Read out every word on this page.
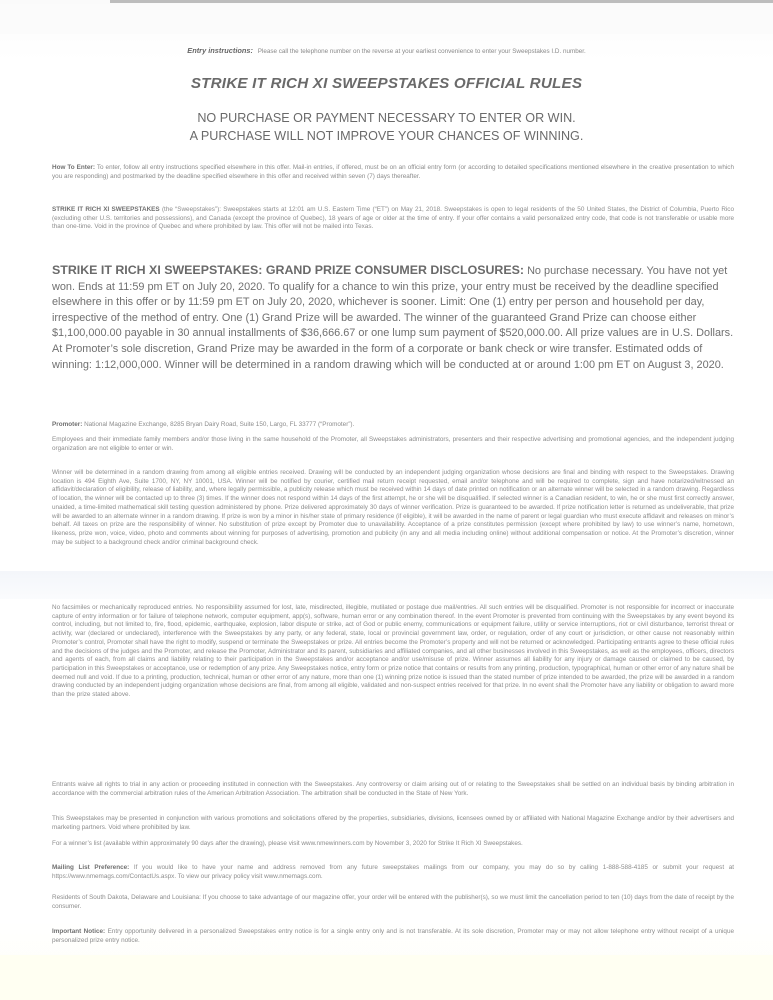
Entry instructions: Please call the telephone number on the reverse at your earliest convenience to enter your Sweepstakes I.D. number.
STRIKE IT RICH XI SWEEPSTAKES OFFICIAL RULES
NO PURCHASE OR PAYMENT NECESSARY TO ENTER OR WIN.
A PURCHASE WILL NOT IMPROVE YOUR CHANCES OF WINNING.
How To Enter: To enter, follow all entry instructions specified elsewhere in this offer. Mail-in entries, if offered, must be on an official entry form (or according to detailed specifications mentioned elsewhere in the creative presentation to which you are responding) and postmarked by the deadline specified elsewhere in this offer and received within seven (7) days thereafter.
STRIKE IT RICH XI SWEEPSTAKES (the “Sweepstakes”): Sweepstakes starts at 12:01 am U.S. Eastern Time (“ET”) on May 21, 2018. Sweepstakes is open to legal residents of the 50 United States, the District of Columbia, Puerto Rico (excluding other U.S. territories and possessions), and Canada (except the province of Quebec), 18 years of age or older at the time of entry. If your offer contains a valid personalized entry code, that code is not transferable or usable more than one-time. Void in the province of Quebec and where prohibited by law. This offer will not be mailed into Texas.
STRIKE IT RICH XI SWEEPSTAKES: GRAND PRIZE CONSUMER DISCLOSURES: No purchase necessary. You have not yet won. Ends at 11:59 pm ET on July 20, 2020. To qualify for a chance to win this prize, your entry must be received by the deadline specified elsewhere in this offer or by 11:59 pm ET on July 20, 2020, whichever is sooner. Limit: One (1) entry per person and household per day, irrespective of the method of entry. One (1) Grand Prize will be awarded. The winner of the guaranteed Grand Prize can choose either $1,100,000.00 payable in 30 annual installments of $36,666.67 or one lump sum payment of $520,000.00. All prize values are in U.S. Dollars. At Promoter’s sole discretion, Grand Prize may be awarded in the form of a corporate or bank check or wire transfer. Estimated odds of winning: 1:12,000,000. Winner will be determined in a random drawing which will be conducted at or around 1:00 pm ET on August 3, 2020.
Promoter: National Magazine Exchange, 8285 Bryan Dairy Road, Suite 150, Largo, FL 33777 (“Promoter”).
Employees and their immediate family members and/or those living in the same household of the Promoter, all Sweepstakes administrators, presenters and their respective advertising and promotional agencies, and the independent judging organization are not eligible to enter or win.
Winner will be determined in a random drawing from among all eligible entries received. Drawing will be conducted by an independent judging organization whose decisions are final and binding with respect to the Sweepstakes. Drawing location is 494 Eighth Ave, Suite 1700, NY, NY 10001, USA. Winner will be notified by courier, certified mail return receipt requested, email and/or telephone and will be required to complete, sign and have notarized/witnessed an affidavit/declaration of eligibility, release of liability, and, where legally permissible, a publicity release which must be received within 14 days of date printed on notification or an alternate winner will be selected in a random drawing. Regardless of location, the winner will be contacted up to three (3) times. If the winner does not respond within 14 days of the first attempt, he or she will be disqualified. If selected winner is a Canadian resident, to win, he or she must first correctly answer, unaided, a time-limited mathematical skill testing question administered by phone. Prize delivered approximately 30 days of winner verification. Prize is guaranteed to be awarded. If prize notification letter is returned as undeliverable, that prize will be awarded to an alternate winner in a random drawing. If prize is won by a minor in his/her state of primary residence (if eligible), it will be awarded in the name of parent or legal guardian who must execute affidavit and releases on minor’s behalf. All taxes on prize are the responsibility of winner. No substitution of prize except by Promoter due to unavailability. Acceptance of a prize constitutes permission (except where prohibited by law) to use winner’s name, hometown, likeness, prize won, voice, video, photo and comments about winning for purposes of advertising, promotion and publicity (in any and all media including online) without additional compensation or notice. At the Promoter’s discretion, winner may be subject to a background check and/or criminal background check.
No facsimiles or mechanically reproduced entries. No responsibility assumed for lost, late, misdirected, illegible, mutilated or postage due mail/entries. All such entries will be disqualified. Promoter is not responsible for incorrect or inaccurate capture of entry information or for failure of telephone network, computer equipment, app(s), software, human error or any combination thereof. In the event Promoter is prevented from continuing with the Sweepstakes by any event beyond its control, including, but not limited to, fire, flood, epidemic, earthquake, explosion, labor dispute or strike, act of God or public enemy, communications or equipment failure, utility or service interruptions, riot or civil disturbance, terrorist threat or activity, war (declared or undeclared), interference with the Sweepstakes by any party, or any federal, state, local or provincial government law, order, or regulation, order of any court or jurisdiction, or other cause not reasonably within Promoter’s control, Promoter shall have the right to modify, suspend or terminate the Sweepstakes or prize. All entries become the Promoter’s property and will not be returned or acknowledged. Participating entrants agree to these official rules and the decisions of the judges and the Promoter, and release the Promoter, Administrator and its parent, subsidiaries and affiliated companies, and all other businesses involved in this Sweepstakes, as well as the employees, officers, directors and agents of each, from all claims and liability relating to their participation in the Sweepstakes and/or acceptance and/or use/misuse of prize. Winner assumes all liability for any injury or damage caused or claimed to be caused, by participation in this Sweepstakes or acceptance, use or redemption of any prize. Any Sweepstakes notice, entry form or prize notice that contains or results from any printing, production, typographical, human or other error of any nature shall be deemed null and void. If due to a printing, production, technical, human or other error of any nature, more than one (1) winning prize notice is issued than the stated number of prize intended to be awarded, the prize will be awarded in a random drawing conducted by an independent judging organization whose decisions are final, from among all eligible, validated and non-suspect entries received for that prize. In no event shall the Promoter have any liability or obligation to award more than the prize stated above.
Entrants waive all rights to trial in any action or proceeding instituted in connection with the Sweepstakes. Any controversy or claim arising out of or relating to the Sweepstakes shall be settled on an individual basis by binding arbitration in accordance with the commercial arbitration rules of the American Arbitration Association. The arbitration shall be conducted in the State of New York.
This Sweepstakes may be presented in conjunction with various promotions and solicitations offered by the properties, subsidiaries, divisions, licensees owned by or affiliated with National Magazine Exchange and/or by their advertisers and marketing partners. Void where prohibited by law.
For a winner’s list (available within approximately 90 days after the drawing), please visit www.nmewinners.com by November 3, 2020 for Strike It Rich XI Sweepstakes.
Mailing List Preference: If you would like to have your name and address removed from any future sweepstakes mailings from our company, you may do so by calling 1-888-588-4185 or submit your request at https://www.nmemags.com/ContactUs.aspx. To view our privacy policy visit www.nmemags.com.
Residents of South Dakota, Delaware and Louisiana: If you choose to take advantage of our magazine offer, your order will be entered with the publisher(s), so we must limit the cancellation period to ten (10) days from the date of receipt by the consumer.
Important Notice: Entry opportunity delivered in a personalized Sweepstakes entry notice is for a single entry only and is not transferable. At its sole discretion, Promoter may or may not allow telephone entry without receipt of a unique personalized prize entry notice.
